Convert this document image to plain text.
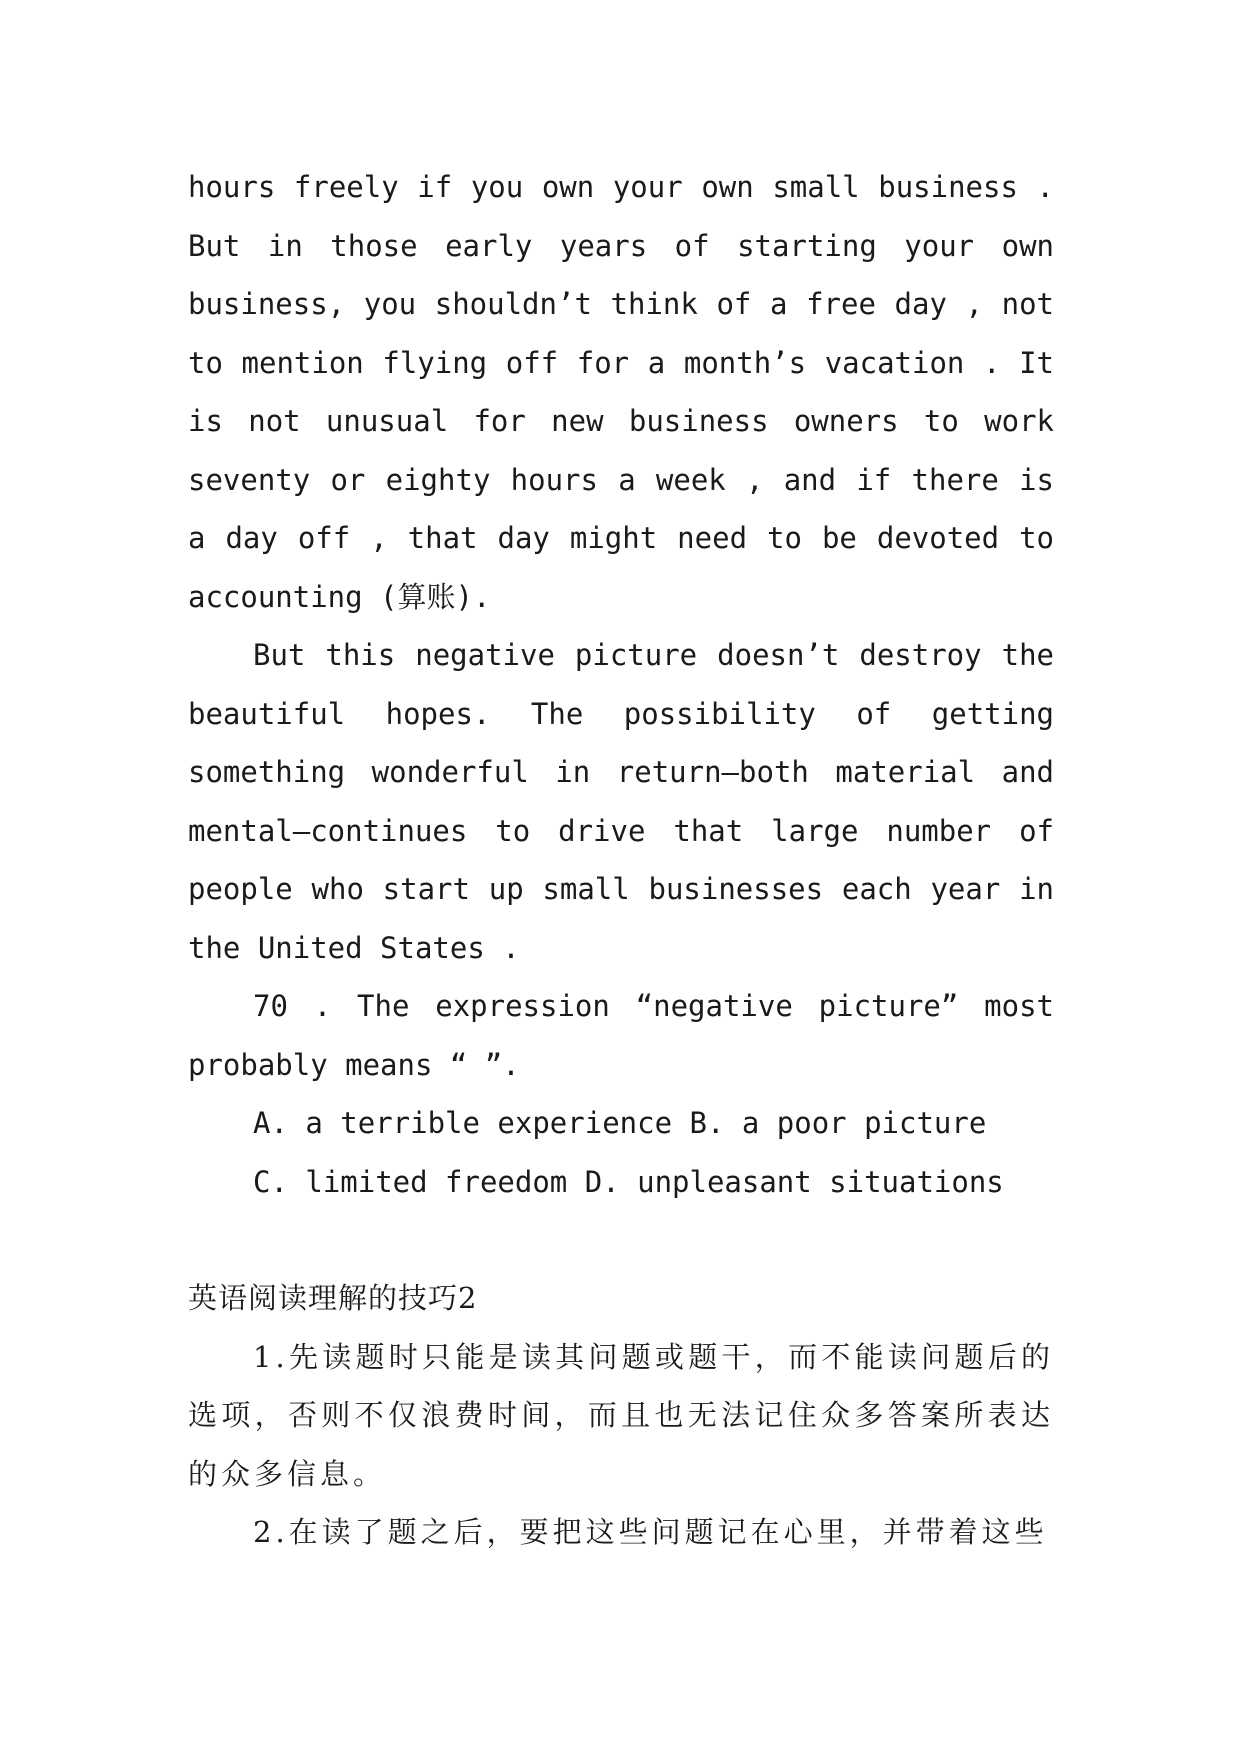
hours freely if you own your own small business . But in those early years of starting your own business, you shouldn’t think of a free day , not to mention flying off for a month’s vacation . It is not unusual for new business owners to work seventy or eighty hours a week , and if there is a day off , that day might need to be devoted to accounting (算账).

But this negative picture doesn’t destroy the beautiful hopes. The possibility of getting something wonderful in return—both material and mental—continues to drive that large number of people who start up small businesses each year in the United States .

70 . The expression “negative picture” most probably means “ ”.

A. a terrible experience B. a poor picture

C. limited freedom D. unpleasant situations

英语阅读理解的技巧2

1.先读题时只能是读其问题或题干，而不能读问题后的选项，否则不仅浪费时间，而且也无法记住众多答案所表达的众多信息。

2.在读了题之后，要把这些问题记在心里，并带着这些
